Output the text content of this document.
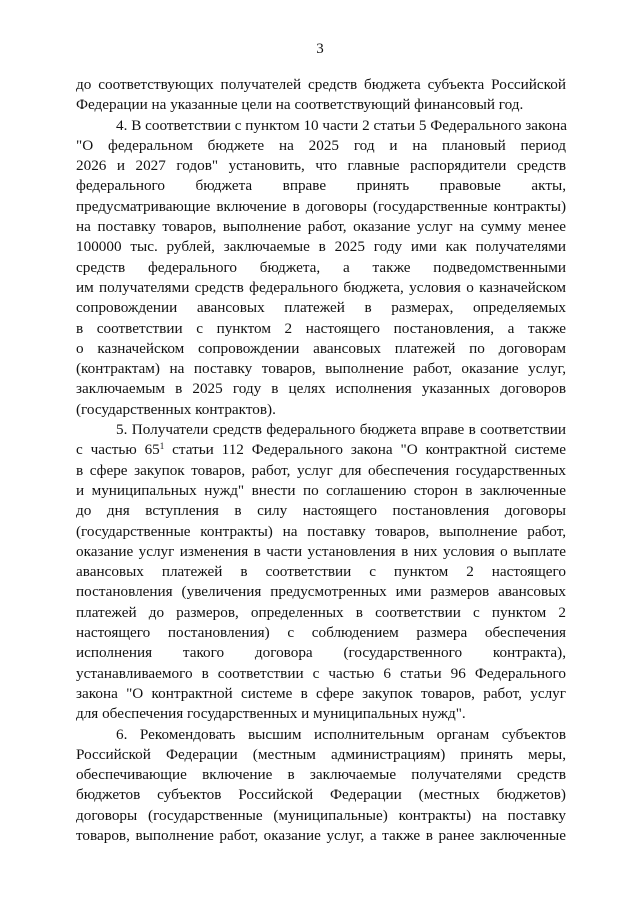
3
до соответствующих получателей средств бюджета субъекта Российской
Федерации на указанные цели на соответствующий финансовый год.
4. В соответствии с пунктом 10 части 2 статьи 5 Федерального закона
"О федеральном бюджете на 2025 год и на плановый период
2026 и 2027 годов" установить, что главные распорядители средств
федерального бюджета вправе принять правовые акты,
предусматривающие включение в договоры (государственные контракты)
на поставку товаров, выполнение работ, оказание услуг на сумму менее
100000 тыс. рублей, заключаемые в 2025 году ими как получателями
средств федерального бюджета, а также подведомственными
им получателями средств федерального бюджета, условия о казначейском
сопровождении авансовых платежей в размерах, определяемых
в соответствии с пунктом 2 настоящего постановления, а также
о казначейском сопровождении авансовых платежей по договорам
(контрактам) на поставку товаров, выполнение работ, оказание услуг,
заключаемым в 2025 году в целях исполнения указанных договоров
(государственных контрактов).
5. Получатели средств федерального бюджета вправе в соответствии
с частью $65^1$ статьи 112 Федерального закона "О контрактной системе
в сфере закупок товаров, работ, услуг для обеспечения государственных
и муниципальных нужд" внести по соглашению сторон в заключенные
до дня вступления в силу настоящего постановления договоры
(государственные контракты) на поставку товаров, выполнение работ,
оказание услуг изменения в части установления в них условия о выплате
авансовых платежей в соответствии с пунктом 2 настоящего
постановления (увеличения предусмотренных ими размеров авансовых
платежей до размеров, определенных в соответствии с пунктом 2
настоящего постановления) с соблюдением размера обеспечения
исполнения такого договора (государственного контракта),
устанавливаемого в соответствии с частью 6 статьи 96 Федерального
закона "О контрактной системе в сфере закупок товаров, работ, услуг
для обеспечения государственных и муниципальных нужд".
6. Рекомендовать высшим исполнительным органам субъектов
Российской Федерации (местным администрациям) принять меры,
обеспечивающие включение в заключаемые получателями средств
бюджетов субъектов Российской Федерации (местных бюджетов)
договоры (государственные (муниципальные) контракты) на поставку
товаров, выполнение работ, оказание услуг, а также в ранее заключенные
